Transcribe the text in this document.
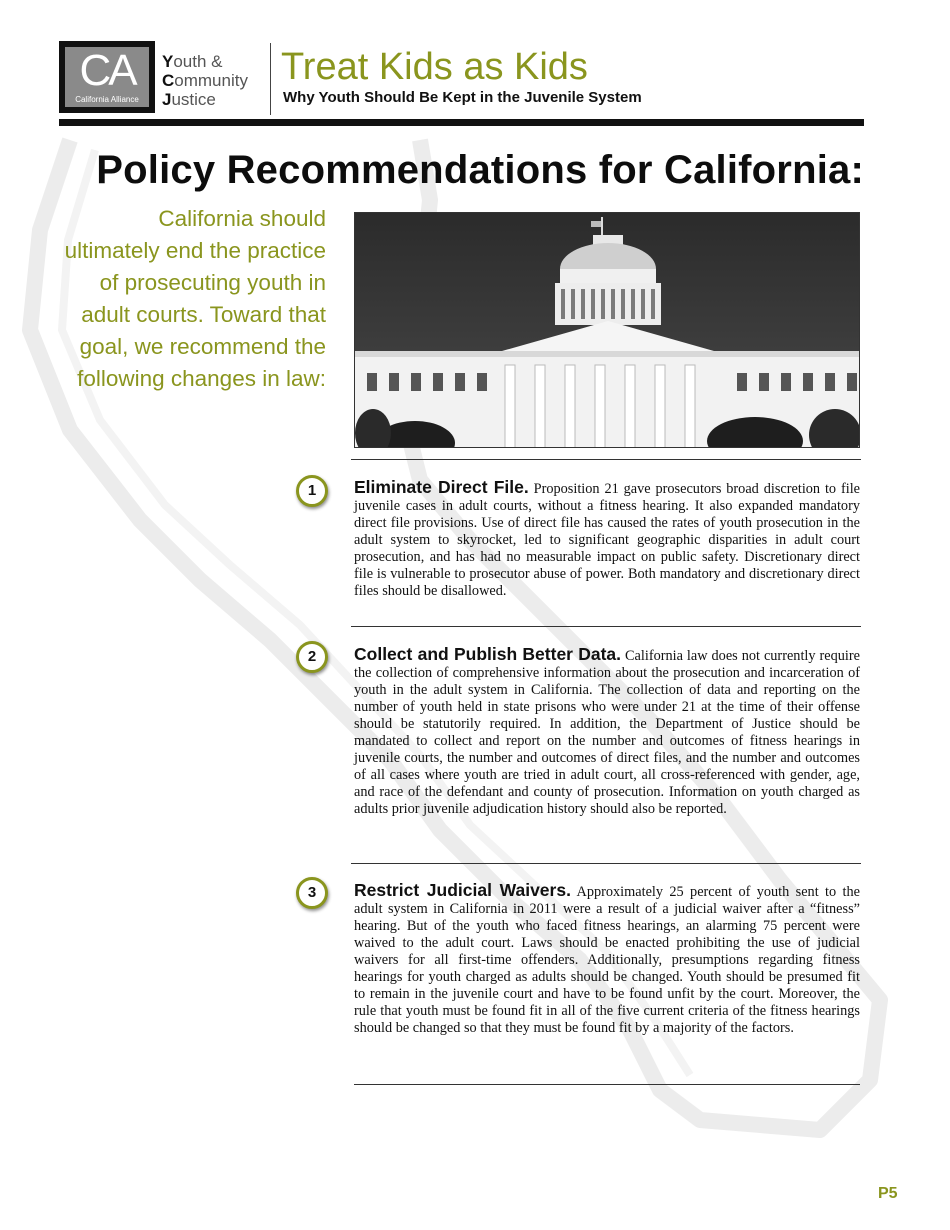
CA
California Alliance
Youth &
Community
Justice
Treat Kids as Kids
Why Youth Should Be Kept in the Juvenile System
Policy Recommendations for California:
California should ultimately end the practice of prosecuting youth in adult courts. Toward that goal, we recommend the following changes in law:
1	Eliminate Direct File. Proposition 21 gave prosecutors broad discretion to file juvenile cases in adult courts, without a fitness hearing. It also expanded mandatory direct file provisions. Use of direct file has caused the rates of youth prosecution in the adult system to skyrocket, led to significant geographic disparities in adult court prosecution, and has had no measurable impact on public safety. Discretionary direct file is vulnerable to prosecutor abuse of power. Both mandatory and discretionary direct files should be disallowed.
2	Collect and Publish Better Data. California law does not currently require the collection of comprehensive information about the prosecution and incarceration of youth in the adult system in California. The collection of data and reporting on the number of youth held in state prisons who were under 21 at the time of their offense should be statutorily required. In addition, the Department of Justice should be mandated to collect and report on the number and outcomes of fitness hearings in juvenile courts, the number and outcomes of direct files, and the number and outcomes of all cases where youth are tried in adult court, all cross-referenced with gender, age, and race of the defendant and county of prosecution. Information on youth charged as adults prior juvenile adjudication history should also be reported.
3	Restrict Judicial Waivers. Approximately 25 percent of youth sent to the adult system in California in 2011 were a result of a judicial waiver after a “fitness” hearing. But of the youth who faced fitness hearings, an alarming 75 percent were waived to the adult court. Laws should be enacted prohibiting the use of judicial waivers for all first-time offenders. Additionally, presumptions regarding fitness hearings for youth charged as adults should be changed. Youth should be presumed fit to remain in the juvenile court and have to be found unfit by the court. Moreover, the rule that youth must be found fit in all of the five current criteria of the fitness hearings should be changed so that they must be found fit by a majority of the factors.
P5
